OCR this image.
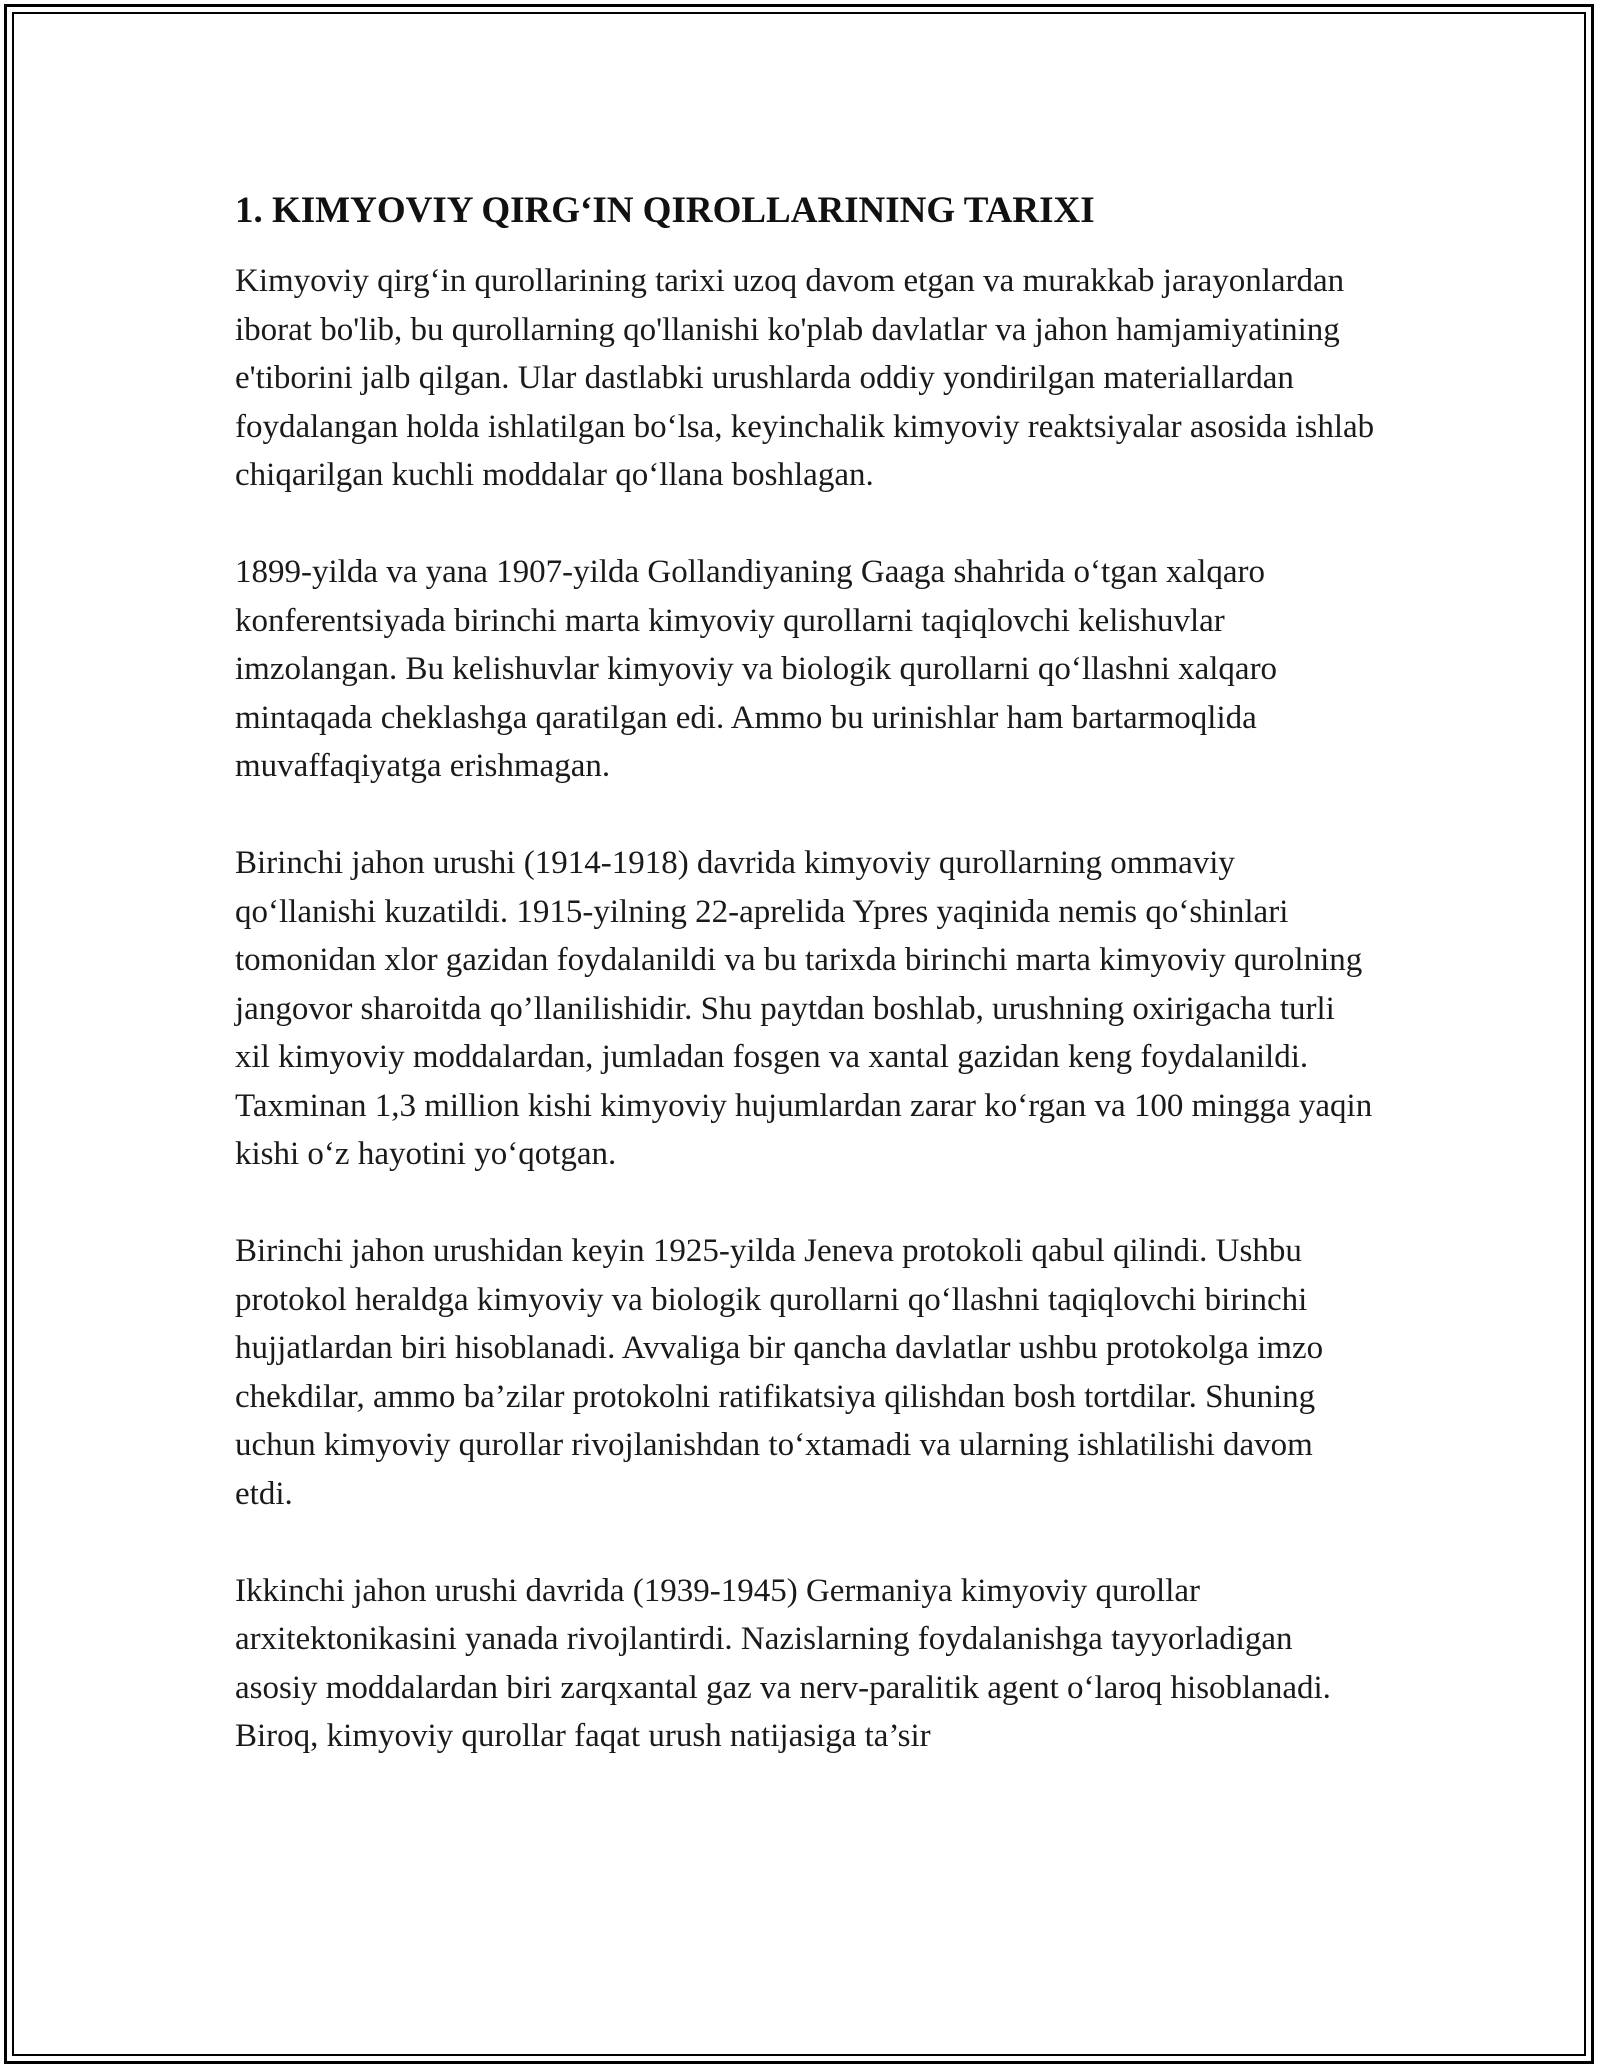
1. KIMYOVIY QIRG‘IN QIROLLARINING TARIXI

Kimyoviy qirg‘in qurollarining tarixi uzoq davom etgan va murakkab jarayonlardan iborat bo'lib, bu qurollarning qo'llanishi ko'plab davlatlar va jahon hamjamiyatining e'tiborini jalb qilgan. Ular dastlabki urushlarda oddiy yondirilgan materiallardan foydalangan holda ishlatilgan bo‘lsa, keyinchalik kimyoviy reaktsiyalar asosida ishlab chiqarilgan kuchli moddalar qo‘llana boshlagan.

1899-yilda va yana 1907-yilda Gollandiyaning Gaaga shahrida o‘tgan xalqaro konferentsiyada birinchi marta kimyoviy qurollarni taqiqlovchi kelishuvlar imzolangan. Bu kelishuvlar kimyoviy va biologik qurollarni qo‘llashni xalqaro mintaqada cheklashga qaratilgan edi. Ammo bu urinishlar ham bartarmoqlida muvaffaqiyatga erishmagan.

Birinchi jahon urushi (1914-1918) davrida kimyoviy qurollarning ommaviy qo‘llanishi kuzatildi. 1915-yilning 22-aprelida Ypres yaqinida nemis qo‘shinlari tomonidan xlor gazidan foydalanildi va bu tarixda birinchi marta kimyoviy qurolning jangovor sharoitda qo’llanilishidir. Shu paytdan boshlab, urushning oxirigacha turli xil kimyoviy moddalardan, jumladan fosgen va xantal gazidan keng foydalanildi. Taxminan 1,3 million kishi kimyoviy hujumlardan zarar ko‘rgan va 100 mingga yaqin kishi o‘z hayotini yo‘qotgan.

Birinchi jahon urushidan keyin 1925-yilda Jeneva protokoli qabul qilindi. Ushbu protokol heraldga kimyoviy va biologik qurollarni qo‘llashni taqiqlovchi birinchi hujjatlardan biri hisoblanadi. Avvaliga bir qancha davlatlar ushbu protokolga imzo chekdilar, ammo ba’zilar protokolni ratifikatsiya qilishdan bosh tortdilar. Shuning uchun kimyoviy qurollar rivojlanishdan to‘xtamadi va ularning ishlatilishi davom etdi.

Ikkinchi jahon urushi davrida (1939-1945) Germaniya kimyoviy qurollar arxitektonikasini yanada rivojlantirdi. Nazislarning foydalanishga tayyorladigan asosiy moddalardan biri zarqxantal gaz va nerv-paralitik agent o‘laroq hisoblanadi. Biroq, kimyoviy qurollar faqat urush natijasiga ta’sir
